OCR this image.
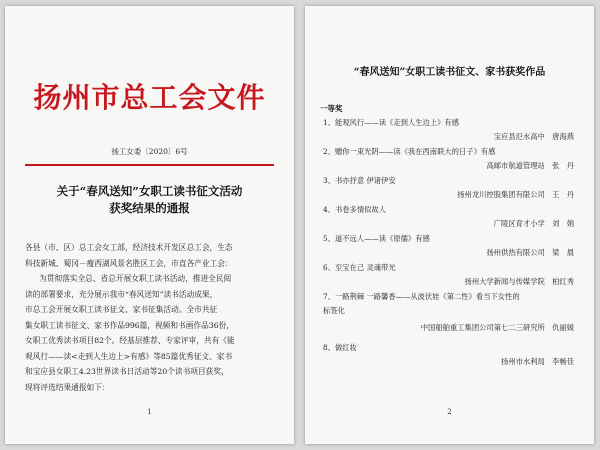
扬州市总工会文件
扬工女委〔2020〕6号
关于“春风送知”女职工读书征文活动
获奖结果的通报

各县（市、区）总工会女工部，经济技术开发区总工会，生态

科技新城、蜀冈－瘦西湖风景名胜区工会，市直各产业工会：

为贯彻落实全总、省总开展女职工读书活动，推进全民阅

读的部署要求，充分展示我市“春风送知”读书活动成果，

市总工会开展女职工读书征文、家书征集活动。全市共征

集女职工读书征文、家书作品996篇，视频和书画作品36份，

女职工优秀读书项目82个。经基层推荐、专家评审，共有《能

观风行——读<走到人生边上>有感》等85篇优秀征文、家书

和宝应县女职工4.23世界读书日活动等20个读书项目获奖，

现将评选结果通报如下：

1
“春风送知”女职工读书征文、家书获奖作品
一等奖
1、能观风行——读《走到人生边上》有感
宝应县氾水高中　唐海燕
2、赠你一束光阴——读《我在西南联大的日子》有感
高邮市航道管理站　张　丹
3、书亦抒意 伊诸伊安
扬州龙川控股集团有限公司　王　丹
4、书卷多情似故人
广陵区育才小学　刘　娟
5、道不远人——读《原儒》有感
扬州供热有限公司　梁　晨
6、至宝在己 灵魂带光
扬州大学新闻与传媒学院　柏红秀
7、一路荆棘 一路馨香——从波伏娃《第二性》看当下女性的
标签化
中国船舶重工集团公司第七二三研究所　仇丽媛
8、做红妆
扬州市水利局　李畅佳
2
